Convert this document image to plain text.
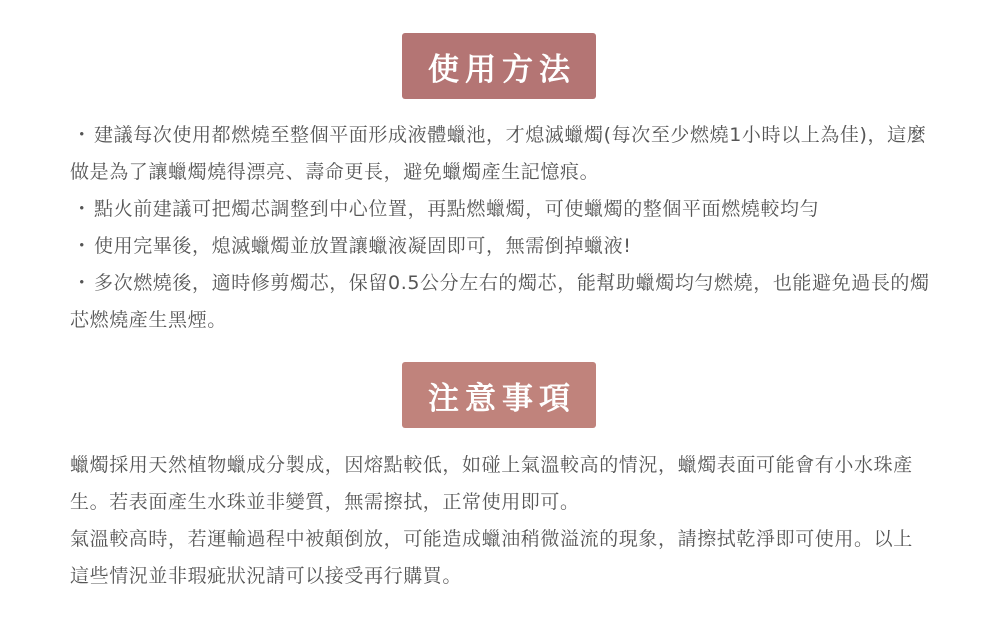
使用方法

・ 建議每次使用都燃燒至整個平面形成液體蠟池，才熄滅蠟燭(每次至少燃燒1小時以上為佳)，這麼做是為了讓蠟燭燒得漂亮、壽命更長，避免蠟燭產生記憶痕。

・ 點火前建議可把燭芯調整到中心位置，再點燃蠟燭，可使蠟燭的整個平面燃燒較均勻

・ 使用完畢後，熄滅蠟燭並放置讓蠟液凝固即可，無需倒掉蠟液!

・ 多次燃燒後，適時修剪燭芯，保留0.5公分左右的燭芯，能幫助蠟燭均勻燃燒，也能避免過長的燭芯燃燒產生黑煙。

注意事項

蠟燭採用天然植物蠟成分製成，因熔點較低，如碰上氣溫較高的情況，蠟燭表面可能會有小水珠產生。若表面產生水珠並非變質，無需擦拭，正常使用即可。

氣溫較高時，若運輸過程中被顛倒放，可能造成蠟油稍微溢流的現象，請擦拭乾淨即可使用。以上這些情況並非瑕疵狀況請可以接受再行購買。
